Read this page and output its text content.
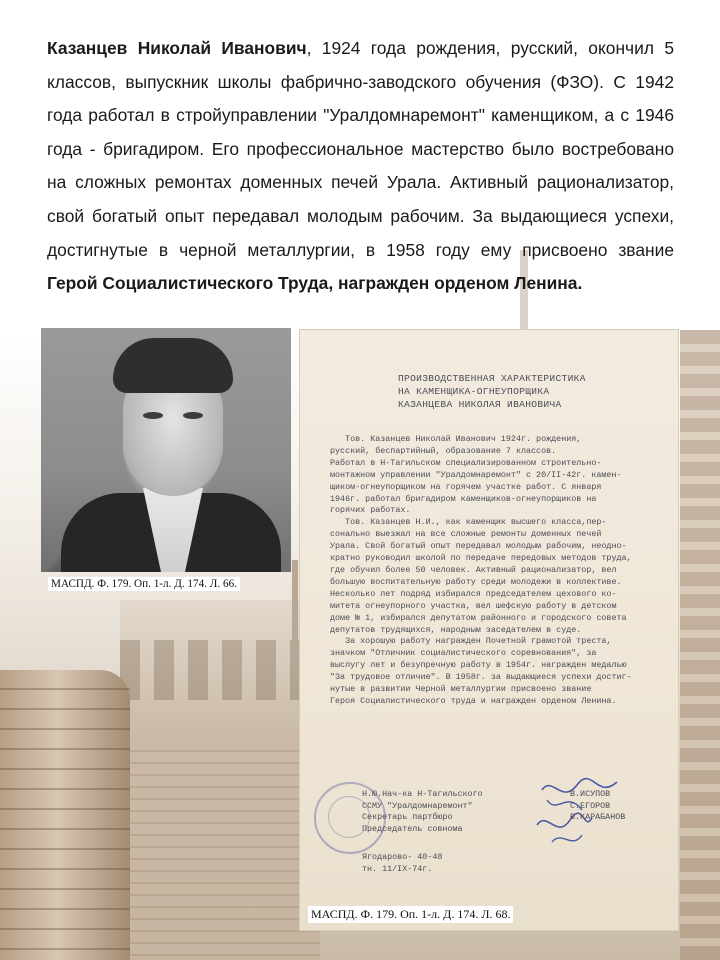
Казанцев Николай Иванович, 1924 года рождения, русский, окончил 5 классов, выпускник школы фабрично-заводского обучения (ФЗО). С 1942 года работал в стройуправлении "Уралдомнаремонт" каменщиком, а с 1946 года - бригадиром. Его профессиональное мастерство было востребовано на сложных ремонтах доменных печей Урала. Активный рационализатор, свой богатый опыт передавал молодым рабочим. За выдающиеся успехи, достигнутые в черной металлургии, в 1958 году ему присвоено звание Герой Социалистического Труда, награжден орденом Ленина.

МАСПД. Ф. 179. Оп. 1-л. Д. 174. Л. 66.
ПРОИЗВОДСТВЕННАЯ ХАРАКТЕРИСТИКА
НА КАМЕНЩИКА-ОГНЕУПОРЩИКА
КАЗАНЦЕВА НИКОЛАЯ ИВАНОВИЧА
Тов. Казанцев Николай Иванович 1924г. рождения,
русский, беспартийный, образование 7 классов.
Работал в Н-Тагильском специализированном строительно-
монтажном управлении "Уралдомнаремонт" с 20/II-42г. камен-
щиком-огнеупорщиком на горячем участке работ. С января
1946г. работал бригадиром каменщиков-огнеупорщиков на
горячих работах.
Тов. Казанцев Н.И., как каменщик высшего класса,пер-
сонально выезжал на все сложные ремонты доменных печей
Урала. Свой богатый опыт передавал молодым рабочим, неодно-
кратно руководил школой по передаче передовых методов труда,
где обучил более 50 человек. Активный рационализатор, вел
большую воспитательную работу среди молодежи в коллективе.
Несколько лет подряд избирался председателем цехового ко-
митета огнеупорного участка, вел шефскую работу в детском
доме № 1, избирался депутатом районного и городского совета
депутатов трудящихся, народным заседателем в суде.
За хорошую работу награжден Почетной грамотой треста,
значком "Отличник социалистического соревнования", за
выслугу лет и безупречную работу в 1954г. награжден медалью
"За трудовое отличие". В 1958г. за выдающиеся успехи достиг-
нутые в развитии Черной металлургии присвоено звание
Героя Социалистического труда и награжден орденом Ленина.
Н.Ю.Нач-ка Н-Тагильского
ССМУ "Уралдомнаремонт"
Секретарь партбюро
Председатель совнома
В.ИСУПОВ
С.ЕГОРОВ
В.КАРАБАНОВ
Ягодарово- 40-48
тн. 11/IX-74г.
МАСПД. Ф. 179. Оп. 1-л. Д. 174. Л. 68.
